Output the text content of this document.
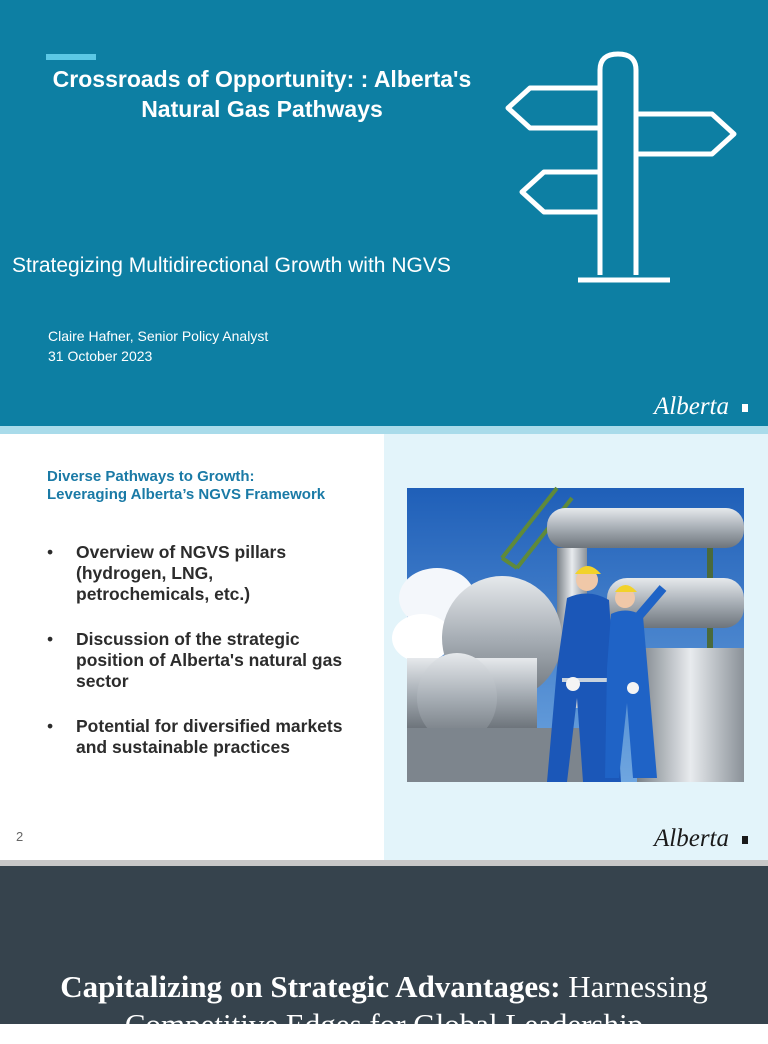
Crossroads of Opportunity: : Alberta's Natural Gas Pathways
Strategizing Multidirectional Growth with NGVS
Claire Hafner, Senior Policy Analyst
31 October 2023
Alberta
Diverse Pathways to Growth: Leveraging Alberta’s NGVS Framework
• Overview of NGVS pillars (hydrogen, LNG, petrochemicals, etc.)
• Discussion of the strategic position of Alberta's natural gas sector
• Potential for diversified markets and sustainable practices
2	Alberta
Capitalizing on Strategic Advantages: Harnessing Competitive Edges for Global Leadership
